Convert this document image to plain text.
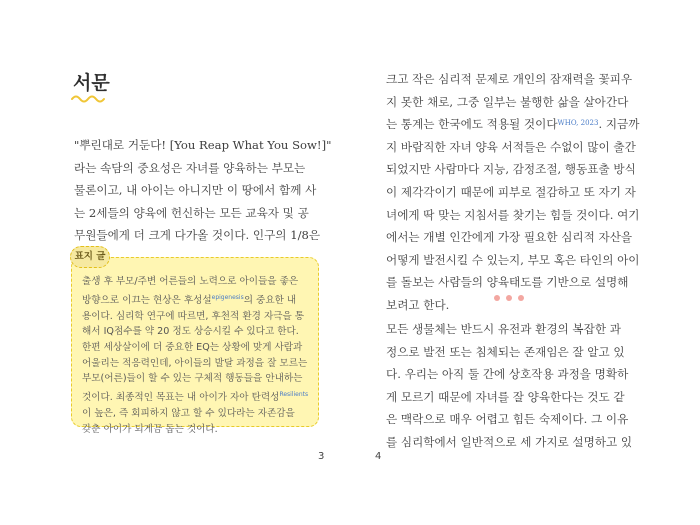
서문
"뿌린대로 거둔다! [You Reap What You Sow!]"
라는 속담의 중요성은 자녀를 양육하는 부모는
물론이고, 내 아이는 아니지만 이 땅에서 함께 사
는 2세들의 양육에 헌신하는 모든 교육자 및 공
무원들에게 더 크게 다가올 것이다. 인구의 1/8은
표지 글
출생 후 부모/주변 어른들의 노력으로 아이들을 좋은
방향으로 이끄는 현상은 후성설$^{epigenesis}$의 중요한 내
용이다. 심리학 연구에 따르면, 후천적 환경 자극을 통
해서 IQ점수를 약 20 정도 상승시킬 수 있다고 한다.
한편 세상살이에 더 중요한 EQ는 상황에 맞게 사람과
어울리는 적응력인데, 아이들의 발달 과정을 잘 모르는
부모(어른)들이 할 수 있는 구체적 행동들을 안내하는
것이다. 최종적인 목표는 내 아이가 자아 탄력성$^{Resilients}$
이 높은, 즉 회피하지 않고 할 수 있다라는 자존감을
갖춘 아이가 되게끔 돕는 것이다.
3
크고 작은 심리적 문제로 개인의 잠재력을 꽃피우
지 못한 채로, 그중 일부는 불행한 삶을 살아간다
는 통계는 한국에도 적용될 것이다$^{WHO, 2023}$. 지금까
지 바람직한 자녀 양육 서적들은 수없이 많이 출간
되었지만 사람마다 지능, 감정조절, 행동표출 방식
이 제각각이기 때문에 피부로 절감하고 또 자기 자
녀에게 딱 맞는 지침서를 찾기는 힘들 것이다. 여기
에서는 개별 인간에게 가장 필요한 심리적 자산을
어떻게 발전시킬 수 있는지, 부모 혹은 타인의 아이
를 돌보는 사람들의 양육태도를 기반으로 설명해
보려고 한다.
모든 생물체는 반드시 유전과 환경의 복잡한 과
정으로 발전 또는 침체되는 존재임은 잘 알고 있
다. 우리는 아직 둘 간에 상호작용 과정을 명확하
게 모르기 때문에 자녀를 잘 양육한다는 것도 같
은 맥락으로 매우 어렵고 힘든 숙제이다. 그 이유
를 심리학에서 일반적으로 세 가지로 설명하고 있
4
